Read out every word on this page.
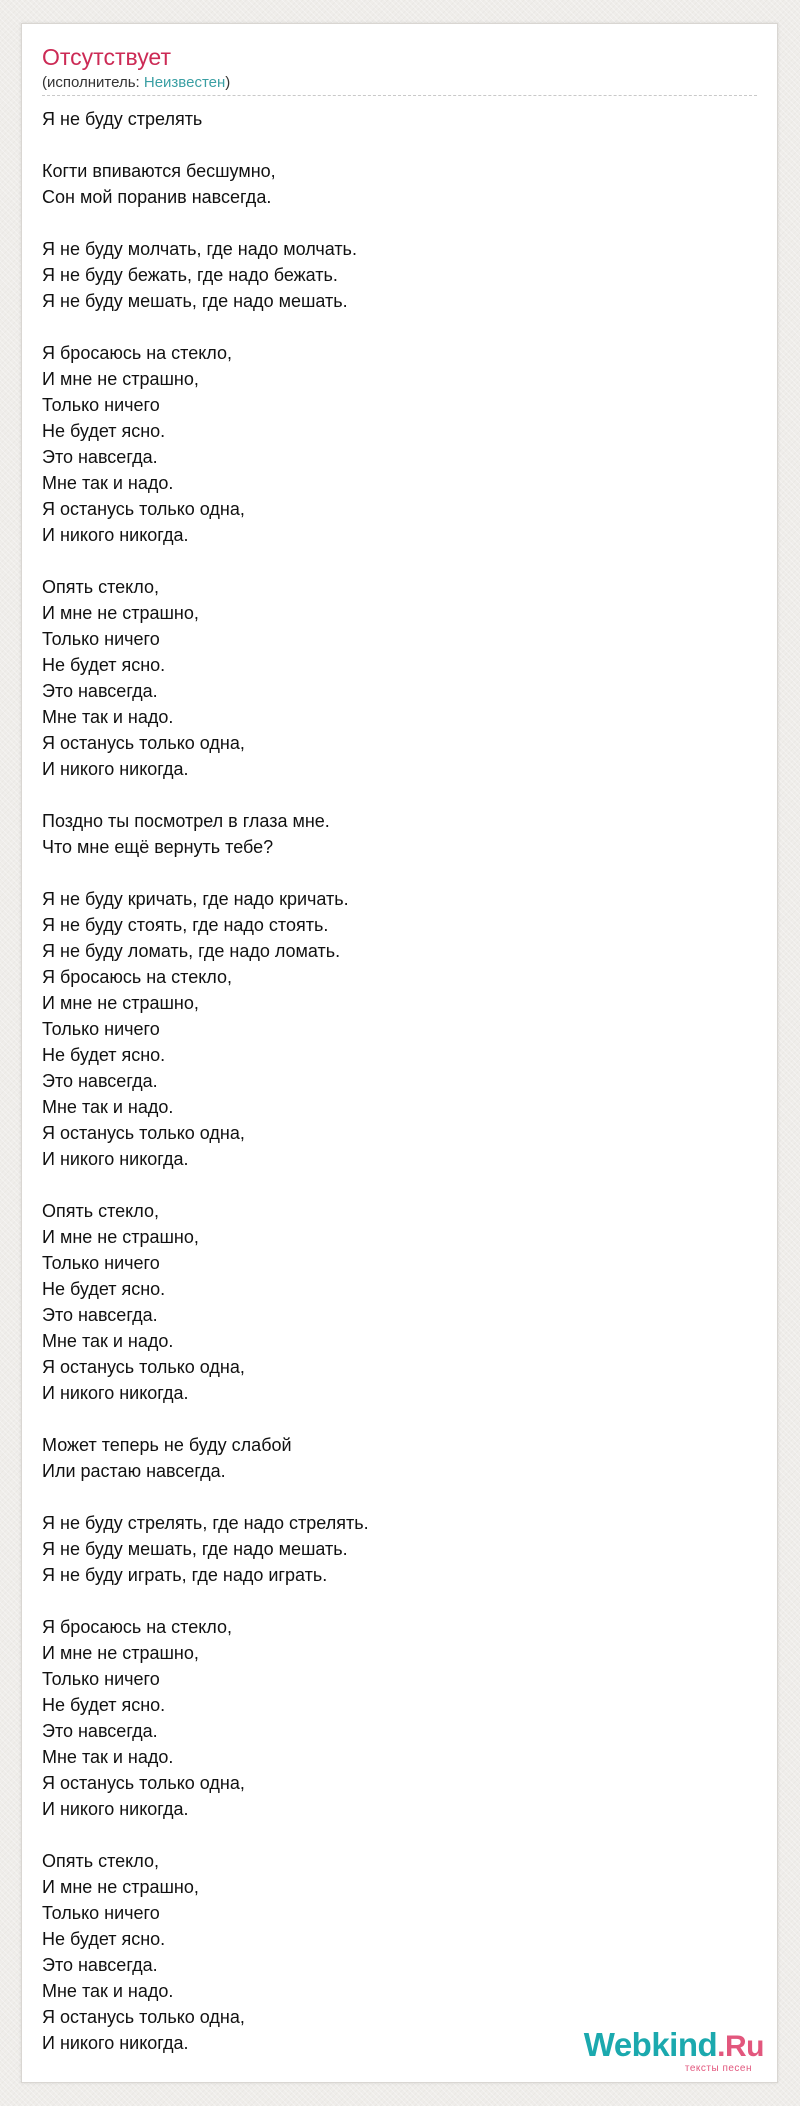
Отсутствует
(исполнитель: Неизвестен)
Я не буду стрелять
Когти впиваются бесшумно,
Сон мой поранив навсегда.
Я не буду молчать, где надо молчать.
Я не буду бежать, где надо бежать.
Я не буду мешать, где надо мешать.
Я бросаюсь на стекло,
И мне не страшно,
Только ничего
Не будет ясно.
Это навсегда.
Мне так и надо.
Я останусь только одна,
И никого никогда.
Опять стекло,
И мне не страшно,
Только ничего
Не будет ясно.
Это навсегда.
Мне так и надо.
Я останусь только одна,
И никого никогда.
Поздно ты посмотрел в глаза мне.
Что мне ещё вернуть тебе?
Я не буду кричать, где надо кричать.
Я не буду стоять, где надо стоять.
Я не буду ломать, где надо ломать.
Я бросаюсь на стекло,
И мне не страшно,
Только ничего
Не будет ясно.
Это навсегда.
Мне так и надо.
Я останусь только одна,
И никого никогда.
Опять стекло,
И мне не страшно,
Только ничего
Не будет ясно.
Это навсегда.
Мне так и надо.
Я останусь только одна,
И никого никогда.
Может теперь не буду слабой
Или растаю навсегда.
Я не буду стрелять, где надо стрелять.
Я не буду мешать, где надо мешать.
Я не буду играть, где надо играть.
Я бросаюсь на стекло,
И мне не страшно,
Только ничего
Не будет ясно.
Это навсегда.
Мне так и надо.
Я останусь только одна,
И никого никогда.
Опять стекло,
И мне не страшно,
Только ничего
Не будет ясно.
Это навсегда.
Мне так и надо.
Я останусь только одна,
И никого никогда.	Webkind.Ru
тексты песен
